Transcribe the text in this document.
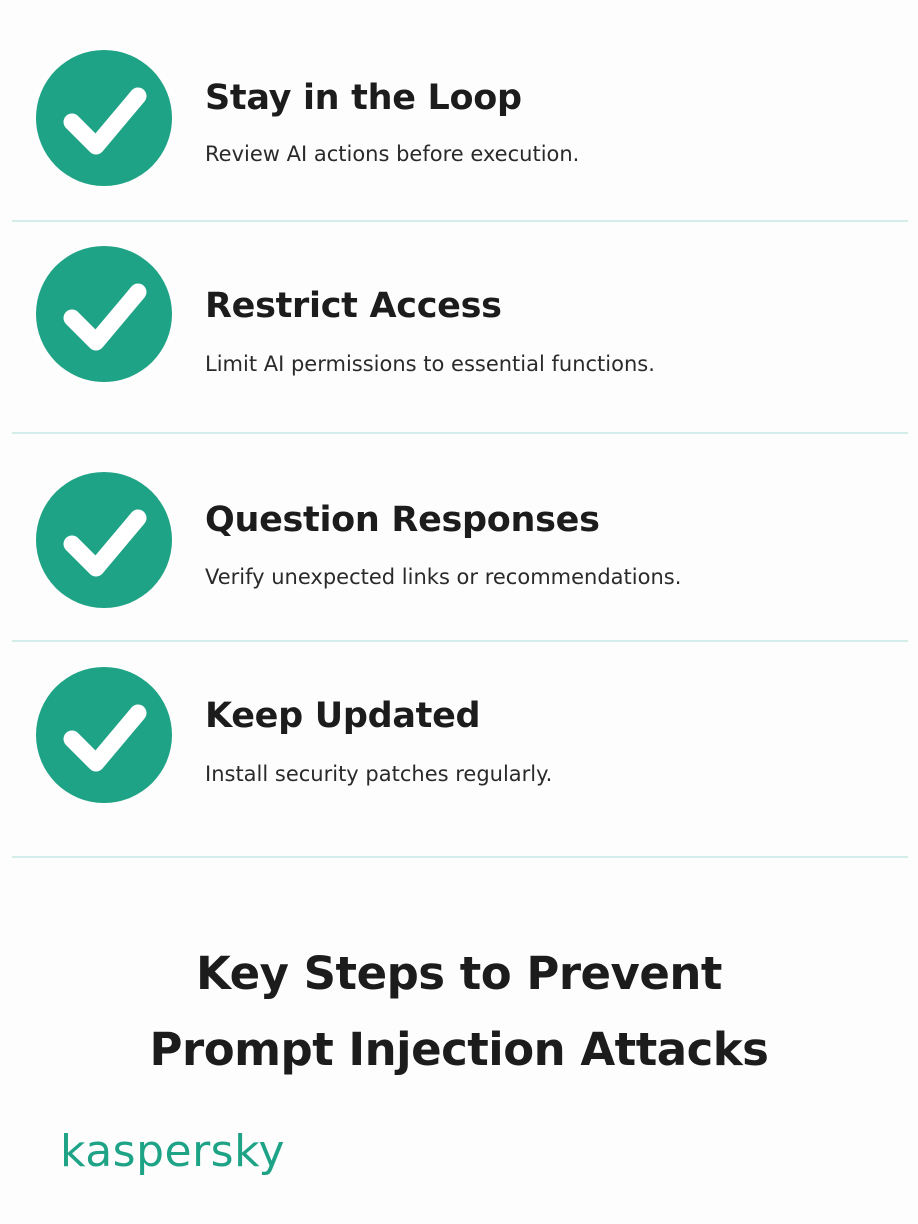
Stay in the Loop
Review AI actions before execution.
Restrict Access
Limit AI permissions to essential functions.
Question Responses
Verify unexpected links or recommendations.
Keep Updated
Install security patches regularly.
Key Steps to Prevent
Prompt Injection Attacks
kaspersky
